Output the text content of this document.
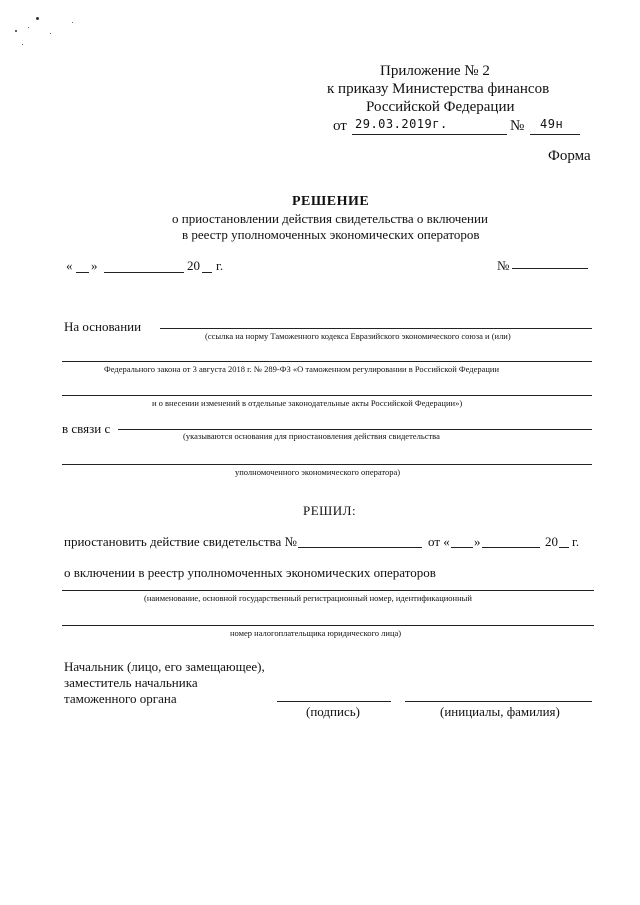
Приложение № 2
к приказу Министерства финансов
Российской Федерации
от 29.03.2019г.	№ 49н
Форма
РЕШЕНИЕ
о приостановлении действия свидетельства о включении
в реестр уполномоченных экономических операторов
« »	20 г.	№
На основании
(ссылка на норму Таможенного кодекса Евразийского экономического союза и (или)
Федерального закона от 3 августа 2018 г. № 289-ФЗ «О таможенном регулировании в Российской Федерации
и о внесении изменений в отдельные законодательные акты Российской Федерации»)
в связи с	(указываются основания для приостановления действия свидетельства
уполномоченного экономического оператора)
РЕШИЛ:
приостановить действие свидетельства №	от « »	20 г.
о включении в реестр уполномоченных экономических операторов
(наименование, основной государственный регистрационный номер, идентификационный
номер налогоплательщика юридического лица)
Начальник (лицо, его замещающее),
заместитель начальника
таможенного органа
(подпись)	(инициалы, фамилия)
